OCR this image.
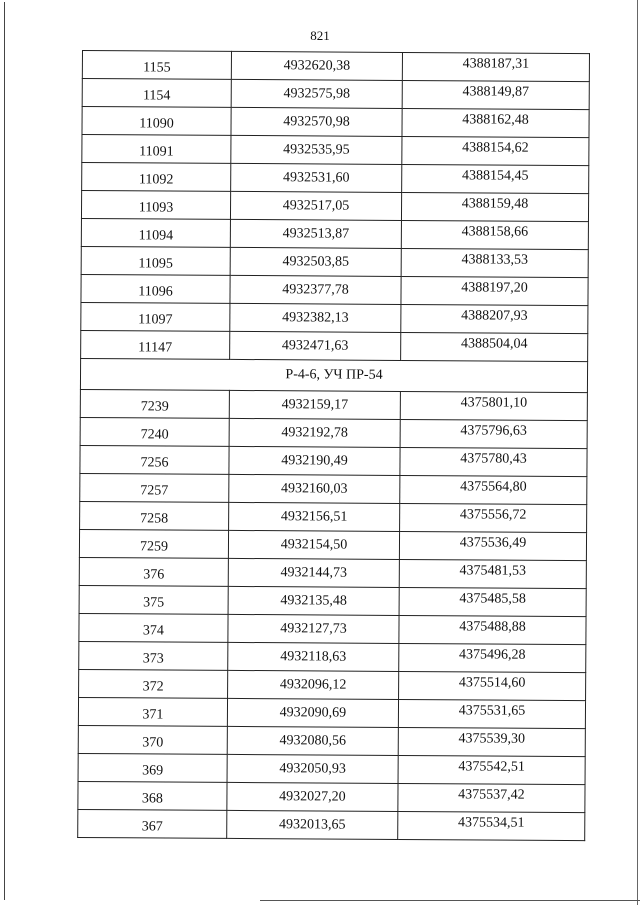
821
1155	4932620,38	4388187,31
1154	4932575,98	4388149,87
11090	4932570,98	4388162,48
11091	4932535,95	4388154,62
11092	4932531,60	4388154,45
11093	4932517,05	4388159,48
11094	4932513,87	4388158,66
11095	4932503,85	4388133,53
11096	4932377,78	4388197,20
11097	4932382,13	4388207,93
11147	4932471,63	4388504,04
Р-4-6, УЧ ПР-54		
7239	4932159,17	4375801,10
7240	4932192,78	4375796,63
7256	4932190,49	4375780,43
7257	4932160,03	4375564,80
7258	4932156,51	4375556,72
7259	4932154,50	4375536,49
376	4932144,73	4375481,53
375	4932135,48	4375485,58
374	4932127,73	4375488,88
373	4932118,63	4375496,28
372	4932096,12	4375514,60
371	4932090,69	4375531,65
370	4932080,56	4375539,30
369	4932050,93	4375542,51
368	4932027,20	4375537,42
367	4932013,65	4375534,51
